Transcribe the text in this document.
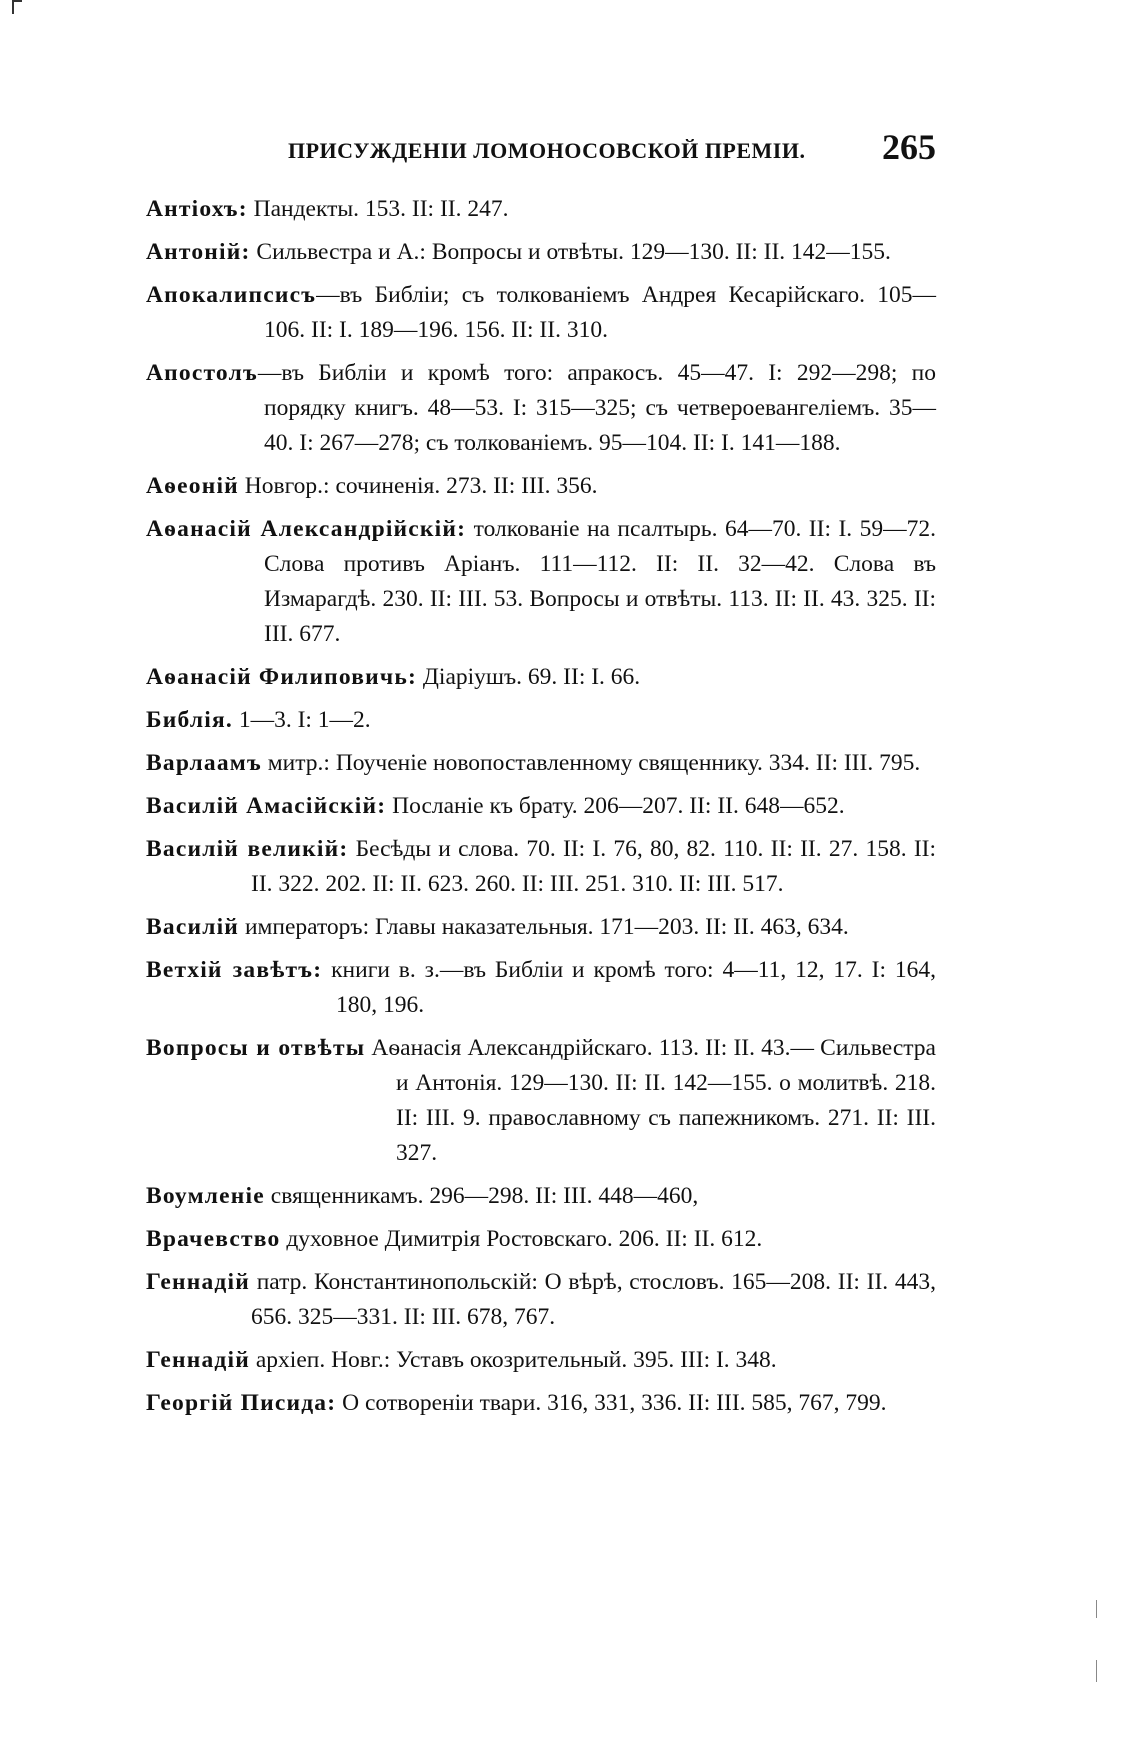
ПРИСУЖДЕНІИ ЛОМОНОСОВСКОЙ ПРЕМІИ. 265
Антіохъ: Пандекты. 153. II: II. 247.
Антоній: Сильвестра и А.: Вопросы и отвѣты. 129—130. II: II. 142—155.
Апокалипсисъ—въ Библіи; съ толкованіемъ Андрея Кесарійскаго. 105—106. II: I. 189—196. 156. II: II. 310.
Апостолъ—въ Библіи и кромѣ того: апракосъ. 45—47. I: 292—298; по порядку книгъ. 48—53. I: 315—325; съ четвероевангеліемъ. 35—40. I: 267—278; съ толкованіемъ. 95—104. II: I. 141—188.
Аѳеоній Новгор.: сочиненія. 273. II: III. 356.
Аѳанасій Александрійскій: толкованіе на псалтырь. 64—70. II: I. 59—72. Слова противъ Аріанъ. 111—112. II: II. 32—42. Слова въ Измарагдѣ. 230. II: III. 53. Вопросы и отвѣты. 113. II: II. 43. 325. II: III. 677.
Аѳанасій Филиповичь: Діаріушъ. 69. II: I. 66.
Библія. 1—3. I: 1—2.
Варлаамъ митр.: Поученіе новопоставленному священнику. 334. II: III. 795.
Василій Амасійскій: Посланіе къ брату. 206—207. II: II. 648—652.
Василій великій: Бесѣды и слова. 70. II: I. 76, 80, 82. 110. II: II. 27. 158. II: II. 322. 202. II: II. 623. 260. II: III. 251. 310. II: III. 517.
Василій императоръ: Главы наказательныя. 171—203. II: II. 463, 634.
Ветхій завѣтъ: книги в. з.—въ Библіи и кромѣ того: 4—11, 12, 17. I: 164, 180, 196.
Вопросы и отвѣты Аѳанасія Александрійскаго. 113. II: II. 43.— Сильвестра и Антонія. 129—130. II: II. 142—155. о молитвѣ. 218. II: III. 9. православному съ папежникомъ. 271. II: III. 327.
Воумленіе священникамъ. 296—298. II: III. 448—460,
Врачевство духовное Димитрія Ростовскаго. 206. II: II. 612.
Геннадій патр. Константинопольскій: О вѣрѣ, стословъ. 165—208. II: II. 443, 656. 325—331. II: III. 678, 767.
Геннадій архіеп. Новг.: Уставъ окозрительный. 395. III: I. 348.
Георгій Писида: О сотвореніи твари. 316, 331, 336. II: III. 585, 767, 799.
